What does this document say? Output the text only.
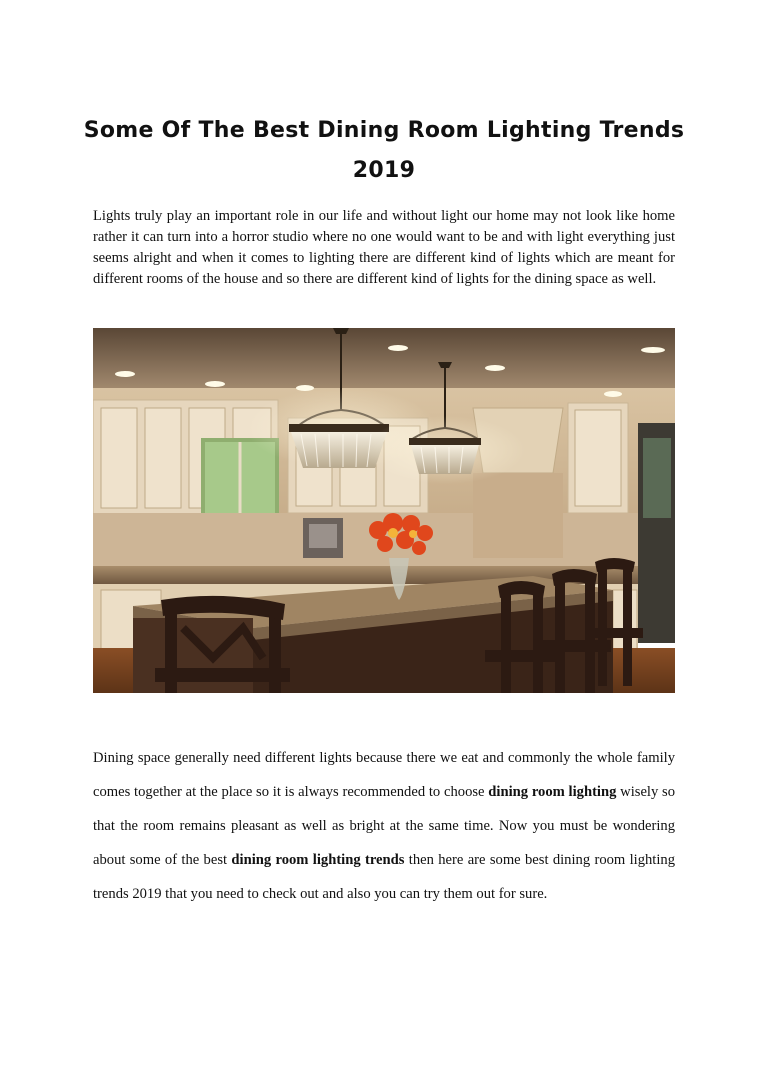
Some Of The Best Dining Room Lighting Trends 2019

Lights truly play an important role in our life and without light our home may not look like home rather it can turn into a horror studio where no one would want to be and with light everything just seems alright and when it comes to lighting there are different kind of lights which are meant for different rooms of the house and so there are different kind of lights for the dining space as well.

Dining space generally need different lights because there we eat and commonly the whole family comes together at the place so it is always recommended to choose dining room lighting wisely so that the room remains pleasant as well as bright at the same time. Now you must be wondering about some of the best dining room lighting trends then here are some best dining room lighting trends 2019 that you need to check out and also you can try them out for sure.
